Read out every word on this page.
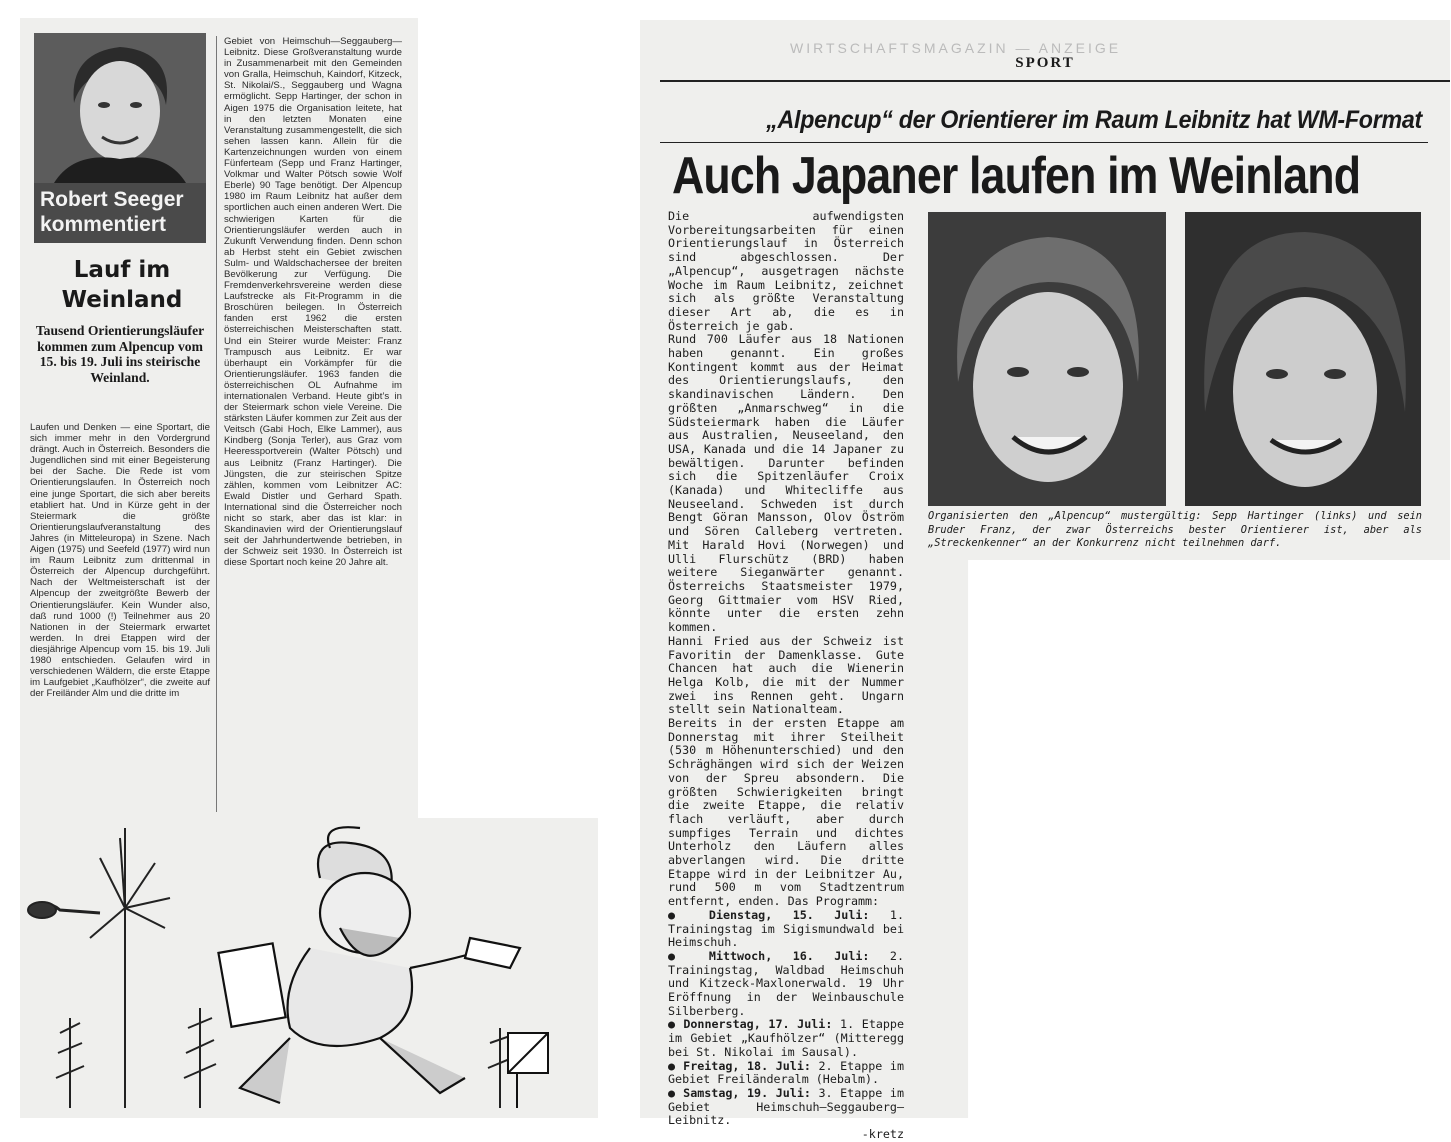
Robert Seeger
kommentiert
Lauf im Weinland
Tausend Orientierungsläufer kommen zum Alpencup vom 15. bis 19. Juli ins steirische Weinland.
Laufen und Denken — eine Sportart, die sich immer mehr in den Vordergrund drängt. Auch in Österreich. Besonders die Jugendlichen sind mit einer Begeisterung bei der Sache. Die Rede ist vom Orientierungslaufen. In Österreich noch eine junge Sportart, die sich aber bereits etabliert hat. Und in Kürze geht in der Steiermark die größte Orientierungslaufveranstaltung des Jahres (in Mitteleuropa) in Szene. Nach Aigen (1975) und Seefeld (1977) wird nun im Raum Leibnitz zum drittenmal in Österreich der Alpencup durchgeführt. Nach der Weltmeisterschaft ist der Alpencup der zweitgrößte Bewerb der Orientierungsläufer. Kein Wunder also, daß rund 1000 (!) Teilnehmer aus 20 Nationen in der Steiermark erwartet werden. In drei Etappen wird der diesjährige Alpencup vom 15. bis 19. Juli 1980 entschieden. Gelaufen wird in verschiedenen Wäldern, die erste Etappe im Laufgebiet „Kaufhölzer“, die zweite auf der Freiländer Alm und die dritte im
Gebiet von Heimschuh—Seggauberg—Leibnitz. Diese Großveranstaltung wurde in Zusammenarbeit mit den Gemeinden von Gralla, Heimschuh, Kaindorf, Kitzeck, St. Nikolai/S., Seggauberg und Wagna ermöglicht. Sepp Hartinger, der schon in Aigen 1975 die Organisation leitete, hat in den letzten Monaten eine Veranstaltung zusammengestellt, die sich sehen lassen kann. Allein für die Kartenzeichnungen wurden von einem Fünferteam (Sepp und Franz Hartinger, Volkmar und Walter Pötsch sowie Wolf Eberle) 90 Tage benötigt. Der Alpencup 1980 im Raum Leibnitz hat außer dem sportlichen auch einen anderen Wert. Die schwierigen Karten für die Orientierungsläufer werden auch in Zukunft Verwendung finden. Denn schon ab Herbst steht ein Gebiet zwischen Sulm- und Waldschachersee der breiten Bevölkerung zur Verfügung. Die Fremdenverkehrsvereine werden diese Laufstrecke als Fit-Programm in die Broschüren beilegen. In Österreich fanden erst 1962 die ersten österreichischen Meisterschaften statt. Und ein Steirer wurde Meister: Franz Trampusch aus Leibnitz. Er war überhaupt ein Vorkämpfer für die Orientierungsläufer. 1963 fanden die österreichischen OL Aufnahme im internationalen Verband. Heute gibt’s in der Steiermark schon viele Vereine. Die stärksten Läufer kommen zur Zeit aus der Veitsch (Gabi Hoch, Elke Lammer), aus Kindberg (Sonja Terler), aus Graz vom Heeressportverein (Walter Pötsch) und aus Leibnitz (Franz Hartinger). Die Jüngsten, die zur steirischen Spitze zählen, kommen vom Leibnitzer AC: Ewald Distler und Gerhard Spath. International sind die Österreicher noch nicht so stark, aber das ist klar: in Skandinavien wird der Orientierungslauf seit der Jahrhundertwende betrieben, in der Schweiz seit 1930. In Österreich ist diese Sportart noch keine 20 Jahre alt.
WIRTSCHAFTSMAGAZIN — ANZEIGE
SPORT
„Alpencup“ der Orientierer im Raum Leibnitz hat WM-Format
Auch Japaner laufen im Weinland

Die aufwendigsten Vorbereitungsarbeiten für einen Orientierungslauf in Österreich sind abgeschlossen. Der „Alpencup“, ausgetragen nächste Woche im Raum Leibnitz, zeichnet sich als größte Veranstaltung dieser Art ab, die es in Österreich je gab.

Rund 700 Läufer aus 18 Nationen haben genannt. Ein großes Kontingent kommt aus der Heimat des Orientierungslaufs, den skandinavischen Ländern. Den größten „Anmarschweg“ in die Südsteiermark haben die Läufer aus Australien, Neuseeland, den USA, Kanada und die 14 Japaner zu bewältigen. Darunter befinden sich die Spitzenläufer Croix (Kanada) und Whitecliffe aus Neuseeland. Schweden ist durch Bengt Göran Mansson, Olov Öström und Sören Calleberg vertreten. Mit Harald Hovi (Norwegen) und Ulli Flurschütz (BRD) haben weitere Sieganwärter genannt. Österreichs Staatsmeister 1979, Georg Gittmaier vom HSV Ried, könnte unter die ersten zehn kommen.

Hanni Fried aus der Schweiz ist Favoritin der Damenklasse. Gute Chancen hat auch die Wienerin Helga Kolb, die mit der Nummer zwei ins Rennen geht. Ungarn stellt sein Nationalteam.

Bereits in der ersten Etappe am Donnerstag mit ihrer Steilheit (530 m Höhenunterschied) und den Schräghängen wird sich der Weizen von der Spreu absondern. Die größten Schwierigkeiten bringt die zweite Etappe, die relativ flach verläuft, aber durch sumpfiges Terrain und dichtes Unterholz den Läufern alles abverlangen wird. Die dritte Etappe wird in der Leibnitzer Au, rund 500 m vom Stadtzentrum entfernt, enden. Das Programm:

● Dienstag, 15. Juli: 1. Trainingstag im Sigismundwald bei Heimschuh.

● Mittwoch, 16. Juli: 2. Trainingstag, Waldbad Heimschuh und Kitzeck-Maxlonerwald. 19 Uhr Eröffnung in der Weinbauschule Silberberg.

● Donnerstag, 17. Juli: 1. Etappe im Gebiet „Kaufhölzer“ (Mitteregg bei St. Nikolai im Sausal).

● Freitag, 18. Juli: 2. Etappe im Gebiet Freiländeralm (Hebalm).

● Samstag, 19. Juli: 3. Etappe im Gebiet Heimschuh—Seggauberg—Leibnitz.

-kretz
Organisierten den „Alpencup“ mustergültig: Sepp Hartinger (links) und sein Bruder Franz, der zwar Österreichs bester Orientierer ist, aber als „Streckenkenner“ an der Konkurrenz nicht teilnehmen darf.
